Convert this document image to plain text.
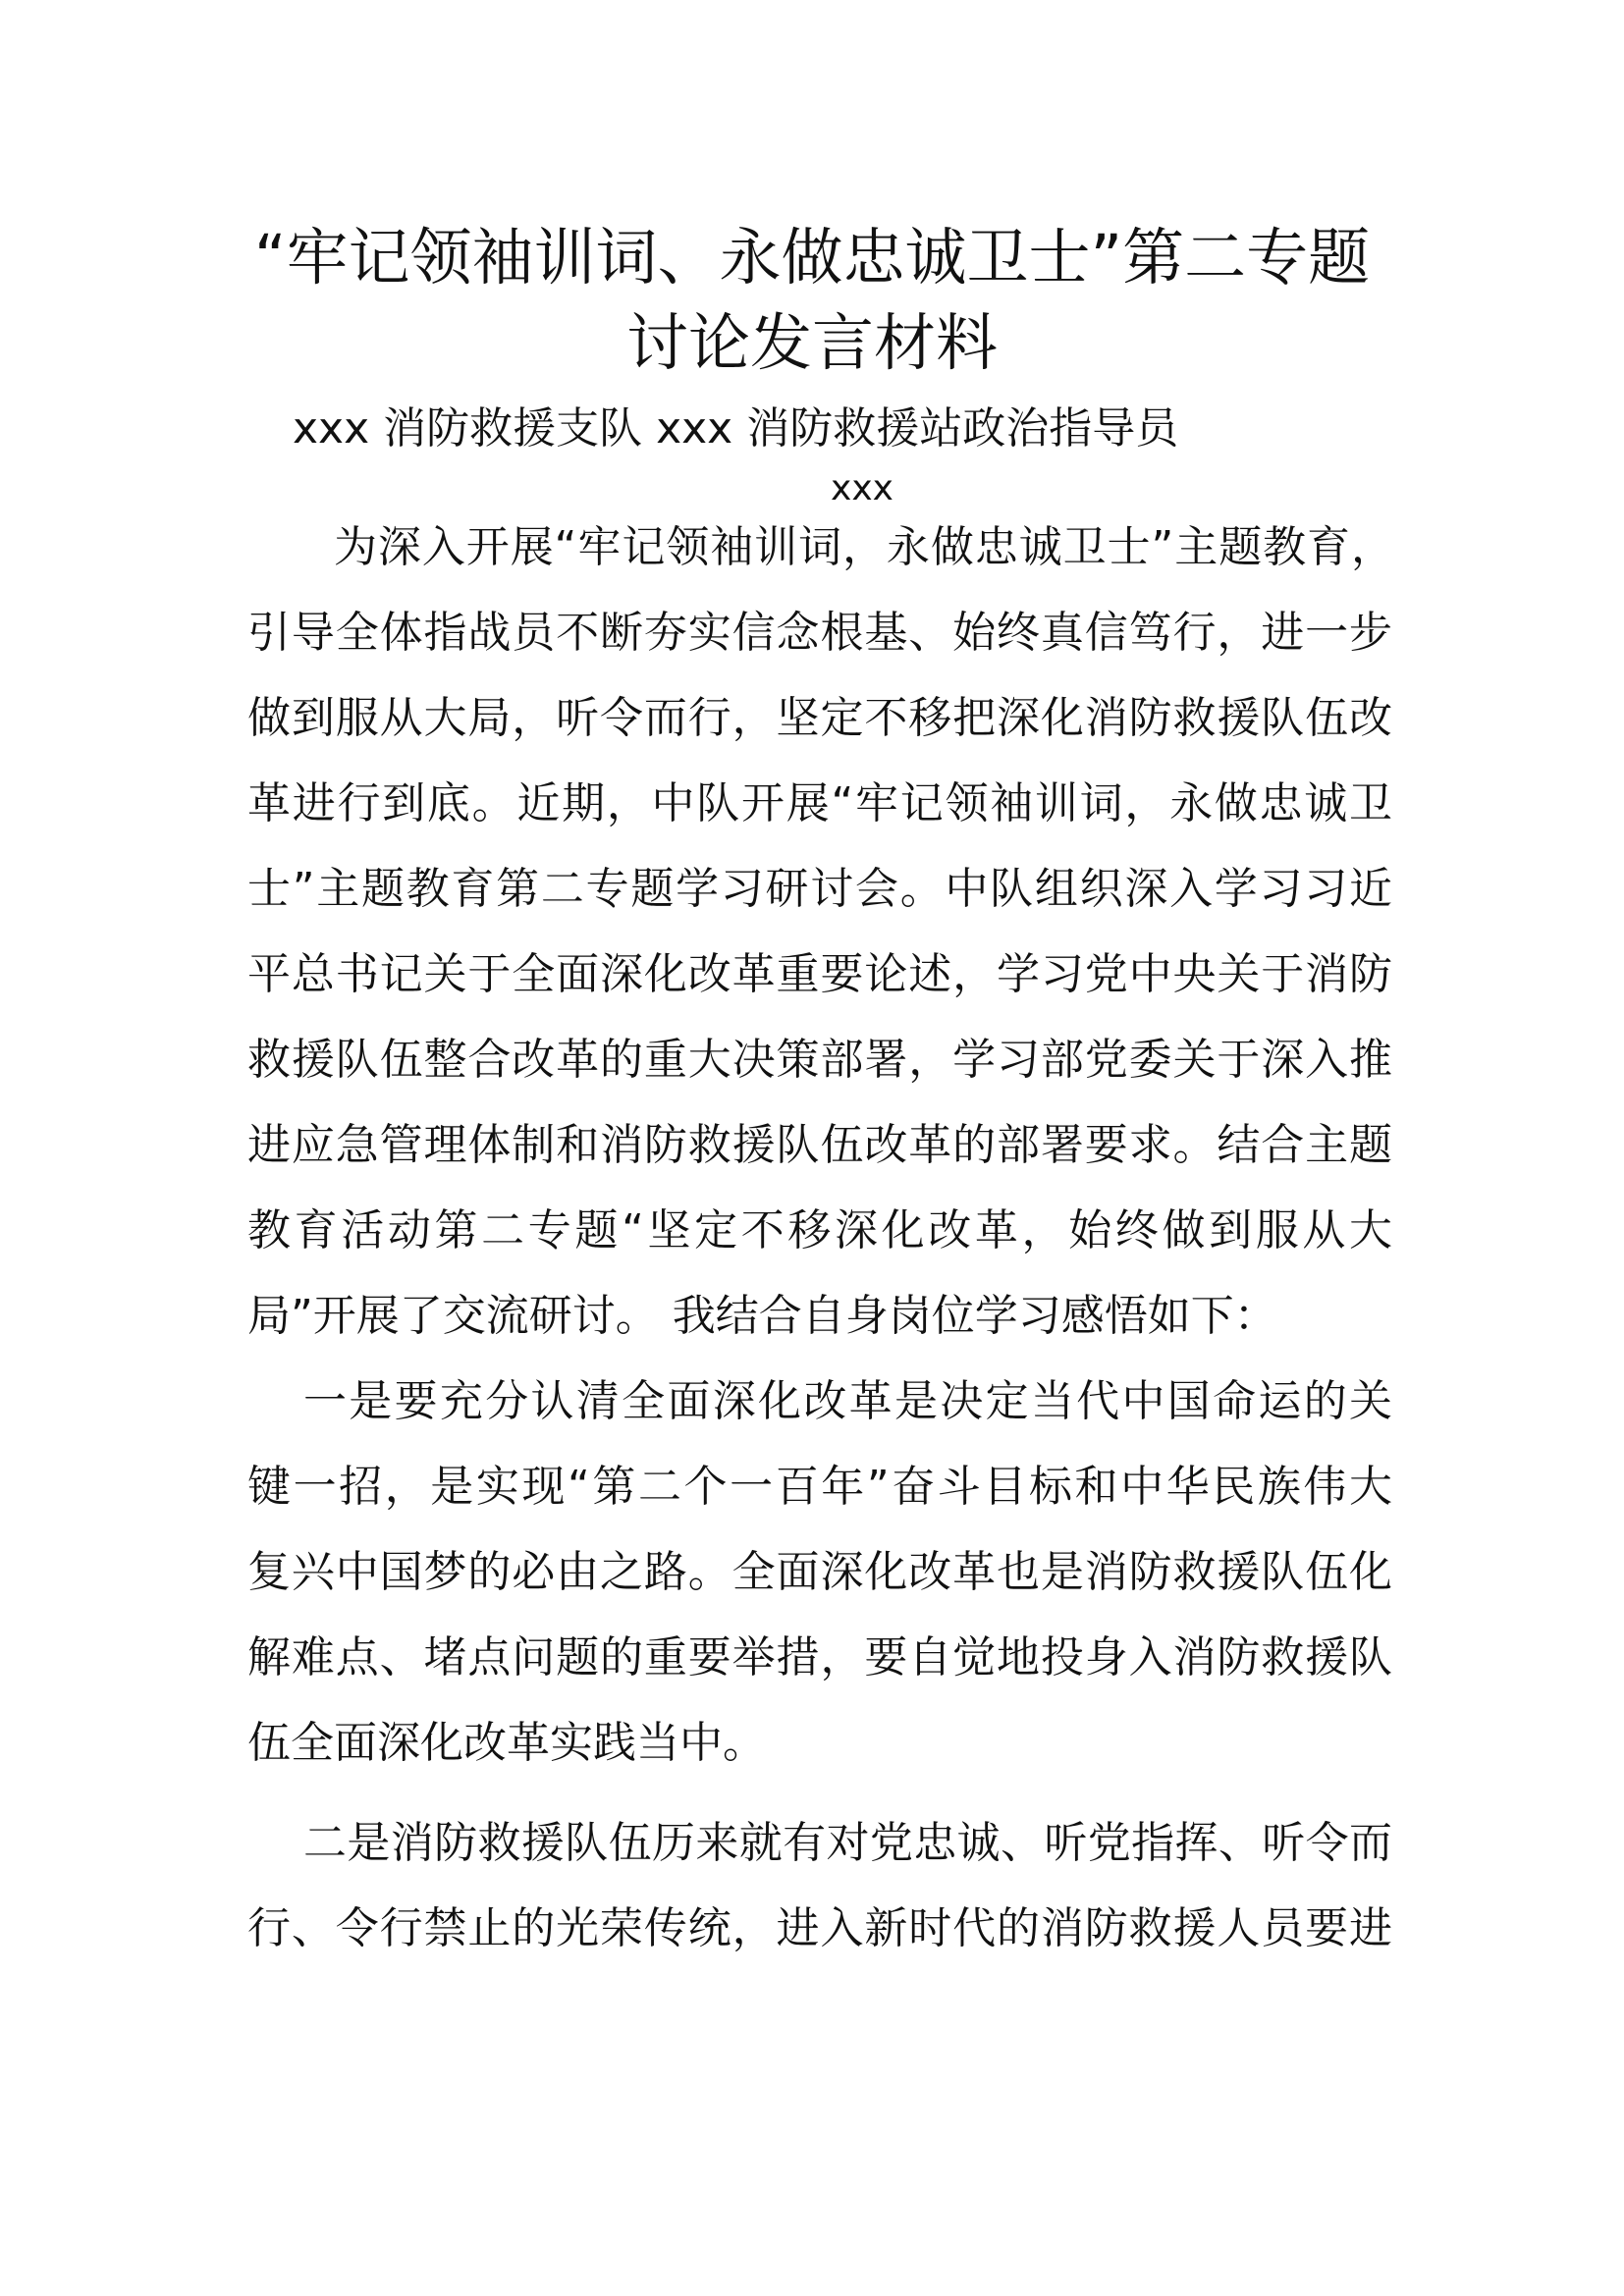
“牢记领袖训词、永做忠诚卫士”第二专题
讨论发言材料
xxx 消防救援支队 xxx 消防救援站政治指导员
xxx
为深入开展“牢记领袖训词，永做忠诚卫士”主题教育，
引导全体指战员不断夯实信念根基、始终真信笃行，进一步
做到服从大局，听令而行，坚定不移把深化消防救援队伍改
革进行到底。近期，中队开展“牢记领袖训词，永做忠诚卫
士”主题教育第二专题学习研讨会。中队组织深入学习习近
平总书记关于全面深化改革重要论述，学习党中央关于消防
救援队伍整合改革的重大决策部署，学习部党委关于深入推
进应急管理体制和消防救援队伍改革的部署要求。结合主题
教育活动第二专题“坚定不移深化改革，始终做到服从大
局”开展了交流研讨。 我结合自身岗位学习感悟如下：
一是要充分认清全面深化改革是决定当代中国命运的关
键一招，是实现“第二个一百年”奋斗目标和中华民族伟大
复兴中国梦的必由之路。全面深化改革也是消防救援队伍化
解难点、堵点问题的重要举措，要自觉地投身入消防救援队
伍全面深化改革实践当中。
二是消防救援队伍历来就有对党忠诚、听党指挥、听令而
行、令行禁止的光荣传统，进入新时代的消防救援人员要进
